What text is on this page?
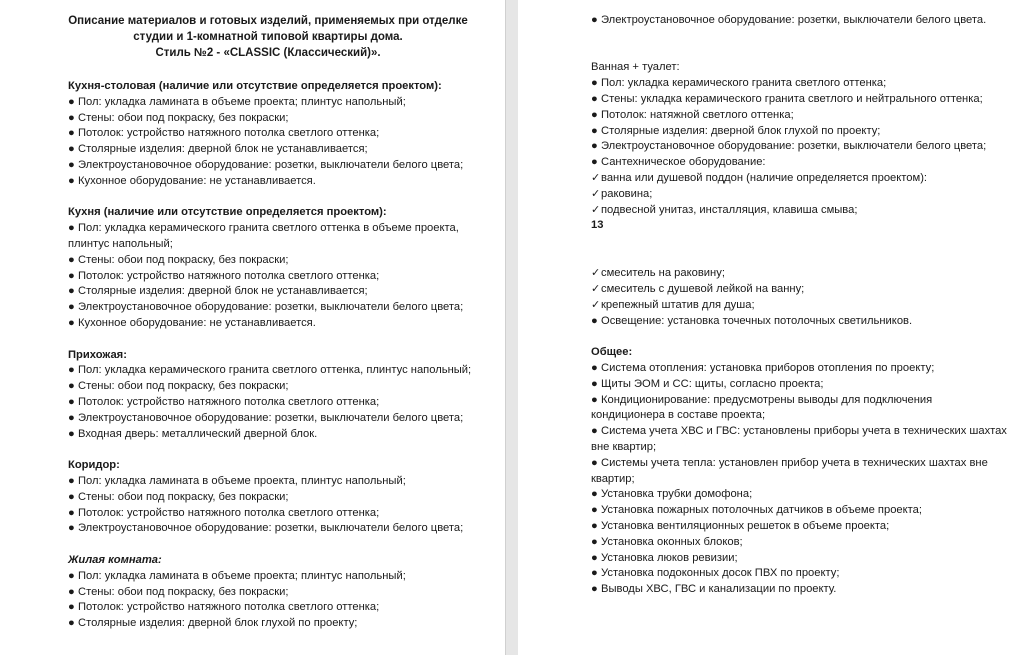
Описание материалов и готовых изделий, применяемых при отделке
студии и 1-комнатной типовой квартиры дома.
Стиль №2 - «CLASSIC (Классический)».
Кухня-столовая (наличие или отсутствие определяется проектом):
● Пол: укладка ламината в объеме проекта; плинтус напольный;
● Стены: обои под покраску, без покраски;
● Потолок: устройство натяжного потолка светлого оттенка;
● Столярные изделия: дверной блок не устанавливается;
● Электроустановочное оборудование: розетки, выключатели белого цвета;
● Кухонное оборудование: не устанавливается.
Кухня (наличие или отсутствие определяется проектом):
● Пол: укладка керамического гранита светлого оттенка в объеме проекта,
плинтус напольный;
● Стены: обои под покраску, без покраски;
● Потолок: устройство натяжного потолка светлого оттенка;
● Столярные изделия: дверной блок не устанавливается;
● Электроустановочное оборудование: розетки, выключатели белого цвета;
● Кухонное оборудование: не устанавливается.
Прихожая:
● Пол: укладка керамического гранита светлого оттенка, плинтус напольный;
● Стены: обои под покраску, без покраски;
● Потолок: устройство натяжного потолка светлого оттенка;
● Электроустановочное оборудование: розетки, выключатели белого цвета;
● Входная дверь: металлический дверной блок.
Коридор:
● Пол: укладка ламината в объеме проекта, плинтус напольный;
● Стены: обои под покраску, без покраски;
● Потолок: устройство натяжного потолка светлого оттенка;
● Электроустановочное оборудование: розетки, выключатели белого цвета;
Жилая комната:
● Пол: укладка ламината в объеме проекта; плинтус напольный;
● Стены: обои под покраску, без покраски;
● Потолок: устройство натяжного потолка светлого оттенка;
● Столярные изделия: дверной блок глухой по проекту;
● Электроустановочное оборудование: розетки, выключатели белого цвета.
Ванная + туалет:
● Пол: укладка керамического гранита светлого оттенка;
● Стены: укладка керамического гранита светлого и нейтрального оттенка;
● Потолок: натяжной светлого оттенка;
● Столярные изделия: дверной блок глухой по проекту;
● Электроустановочное оборудование: розетки, выключатели белого цвета;
● Сантехническое оборудование:
✓ванна или душевой поддон (наличие определяется проектом):
✓раковина;
✓подвесной унитаз, инсталляция, клавиша смыва;
13
✓смеситель на раковину;
✓смеситель с душевой лейкой на ванну;
✓крепежный штатив для душа;
● Освещение: установка точечных потолочных светильников.
Общее:
● Система отопления: установка приборов отопления по проекту;
● Щиты ЭОМ и СС: щиты, согласно проекта;
● Кондиционирование: предусмотрены выводы для подключения
кондиционера в составе проекта;
● Система учета ХВС и ГВС: установлены приборы учета в технических шахтах
вне квартир;
● Системы учета тепла: установлен прибор учета в технических шахтах вне
квартир;
● Установка трубки домофона;
● Установка пожарных потолочных датчиков в объеме проекта;
● Установка вентиляционных решеток в объеме проекта;
● Установка оконных блоков;
● Установка люков ревизии;
● Установка подоконных досок ПВХ по проекту;
● Выводы ХВС, ГВС и канализации по проекту.
